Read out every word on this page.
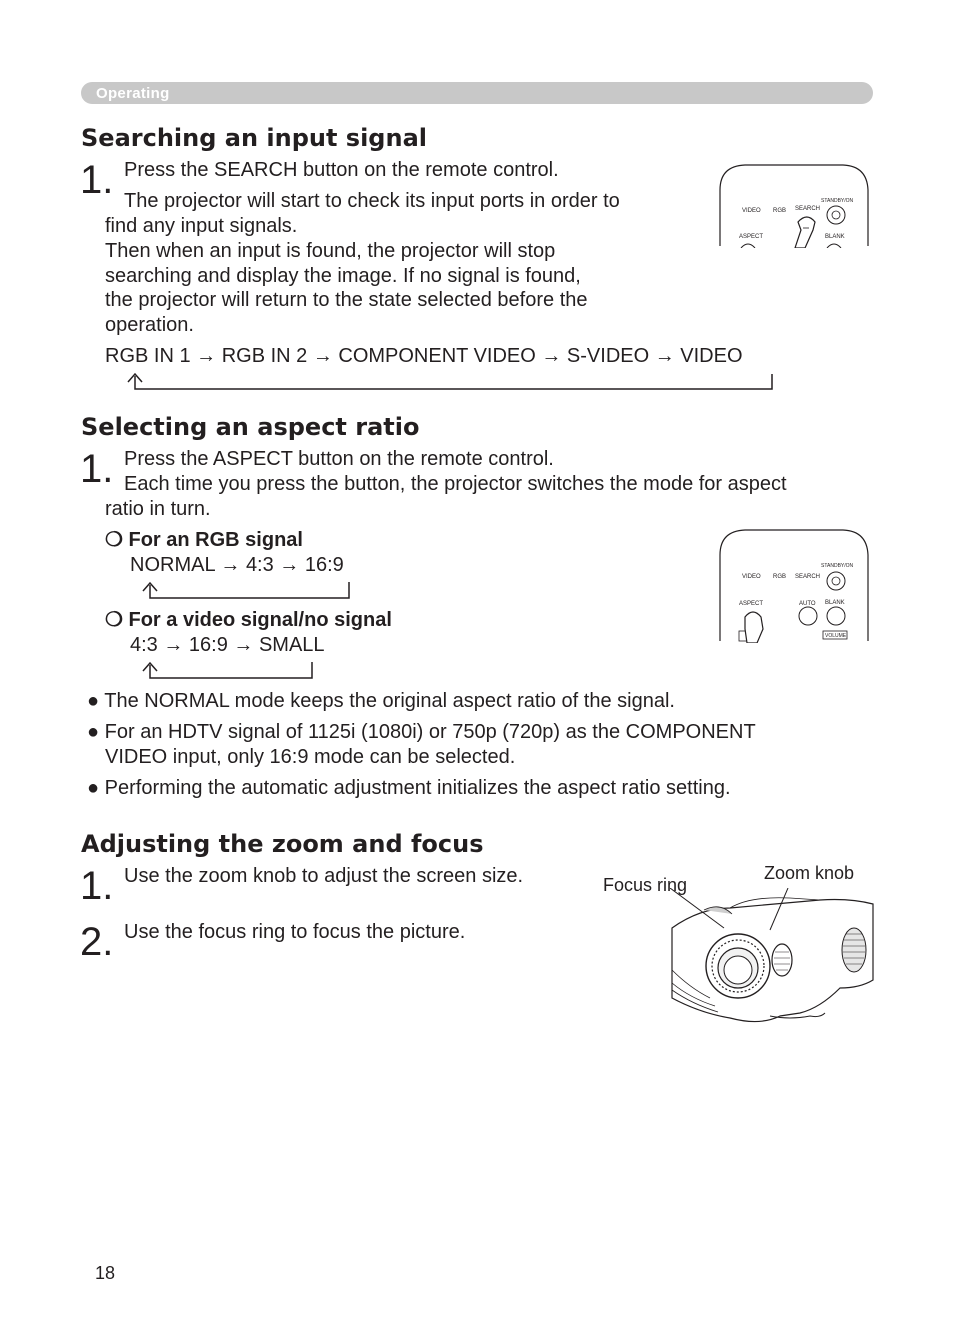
Operating
Searching an input signal
1. Press the SEARCH button on the remote control.
The projector will start to check its input ports in order to
find any input signals.
Then when an input is found, the projector will stop
searching and display the image. If no signal is found,
the projector will return to the state selected before the
operation.
RGB IN 1 → RGB IN 2 → COMPONENT VIDEO → S-VIDEO → VIDEO
STANDBY/ON
VIDEO RGB SEARCH
ASPECT	BLANK
Selecting an aspect ratio
1. Press the ASPECT button on the remote control.
Each time you press the button, the projector switches the mode for aspect
ratio in turn.
❍ For an RGB signal
NORMAL → 4:3 → 16:9
❍ For a video signal/no signal
4:3 → 16:9 → SMALL
STANDBY/ON
VIDEO RGB SEARCH
ASPECT	AUTO BLANK
VOLUME
● The NORMAL mode keeps the original aspect ratio of the signal.
● For an HDTV signal of 1125i (1080i) or 750p (720p) as the COMPONENT
VIDEO input, only 16:9 mode can be selected.
● Performing the automatic adjustment initializes the aspect ratio setting.
Adjusting the zoom and focus
1. Use the zoom knob to adjust the screen size.
2. Use the focus ring to focus the picture.
Focus ring
Zoom knob
18
